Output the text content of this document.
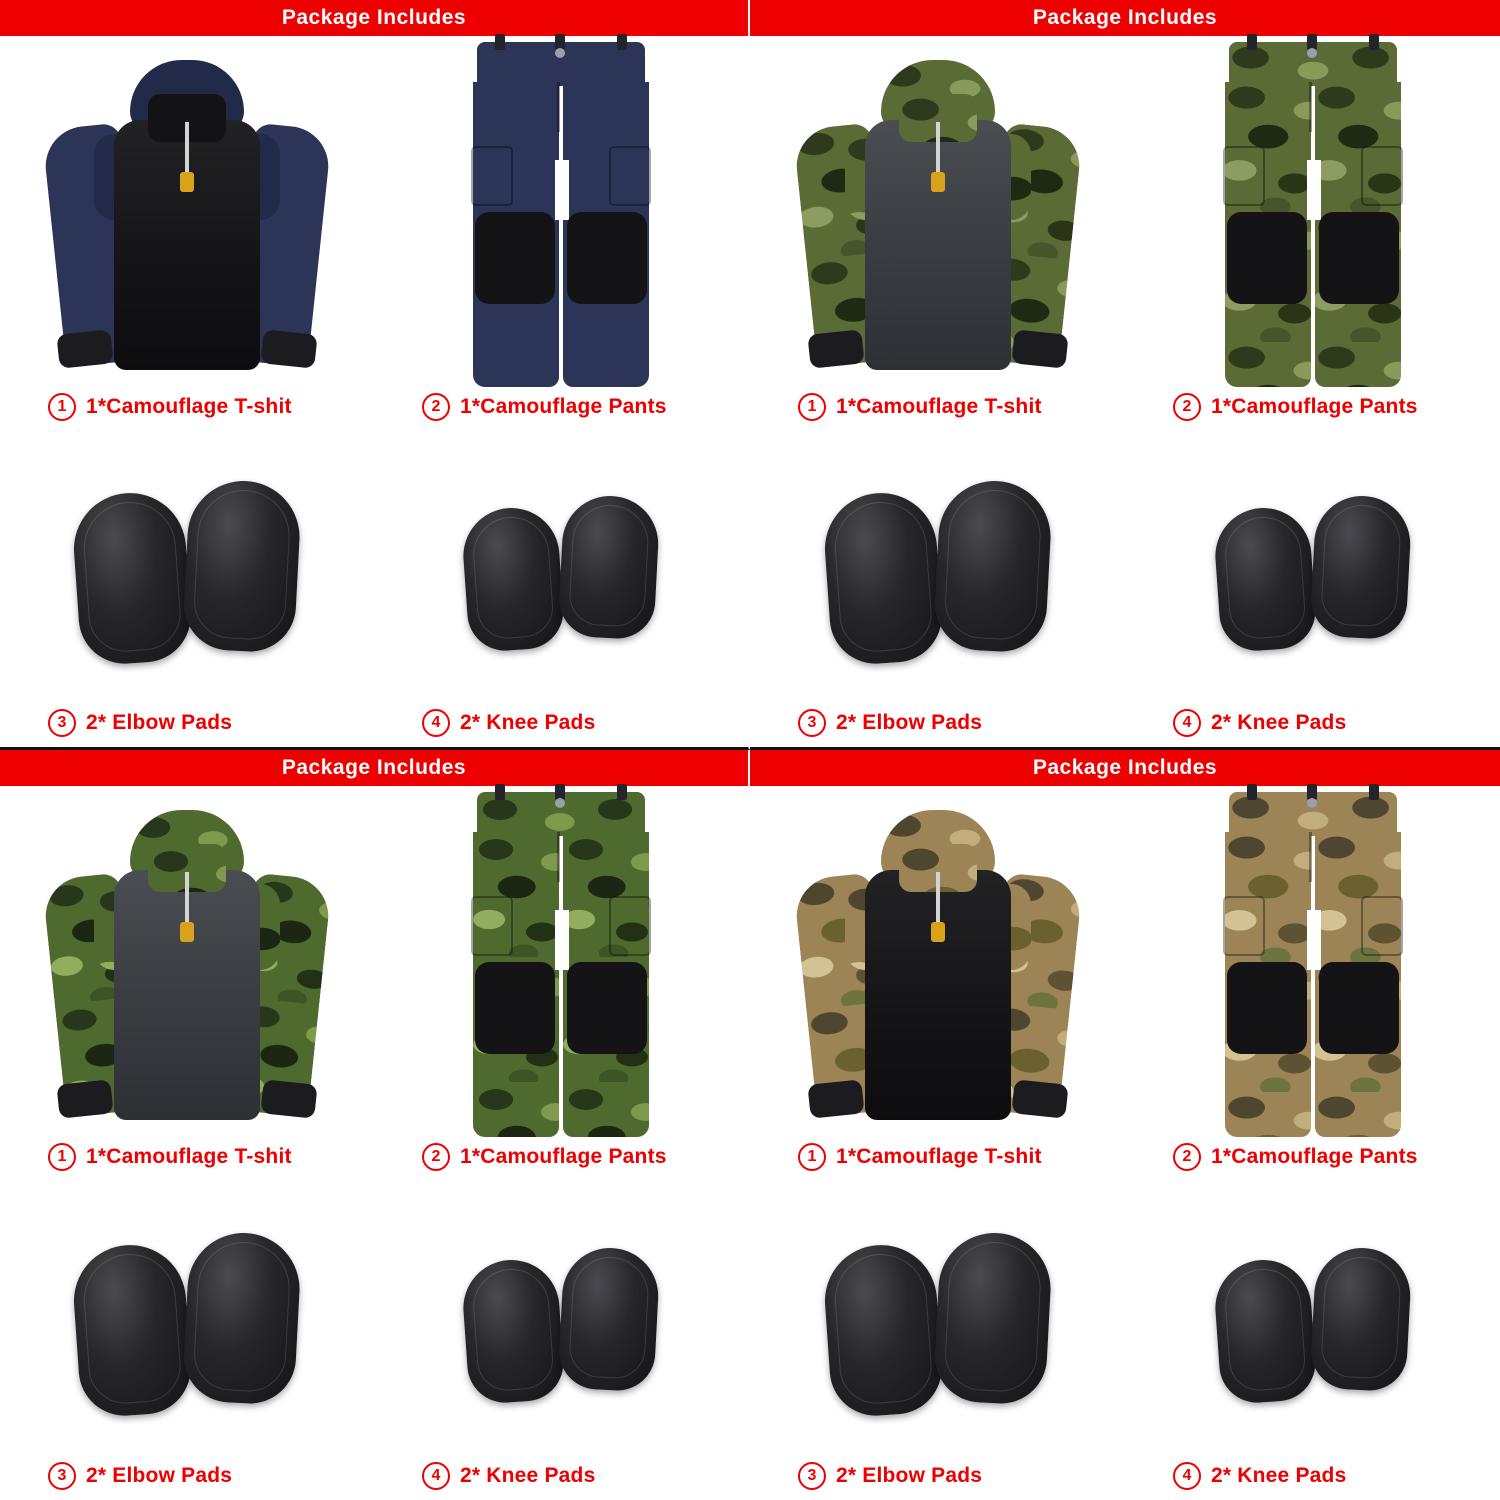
Package Includes
1 1*Camouflage T-shit	2 1*Camouflage Pants
3 2* Elbow Pads	4 2* Knee Pads
Package Includes
1 1*Camouflage T-shit	2 1*Camouflage Pants
3 2* Elbow Pads	4 2* Knee Pads
Package Includes
1 1*Camouflage T-shit	2 1*Camouflage Pants
3 2* Elbow Pads	4 2* Knee Pads
Package Includes
1 1*Camouflage T-shit	2 1*Camouflage Pants
3 2* Elbow Pads	4 2* Knee Pads
